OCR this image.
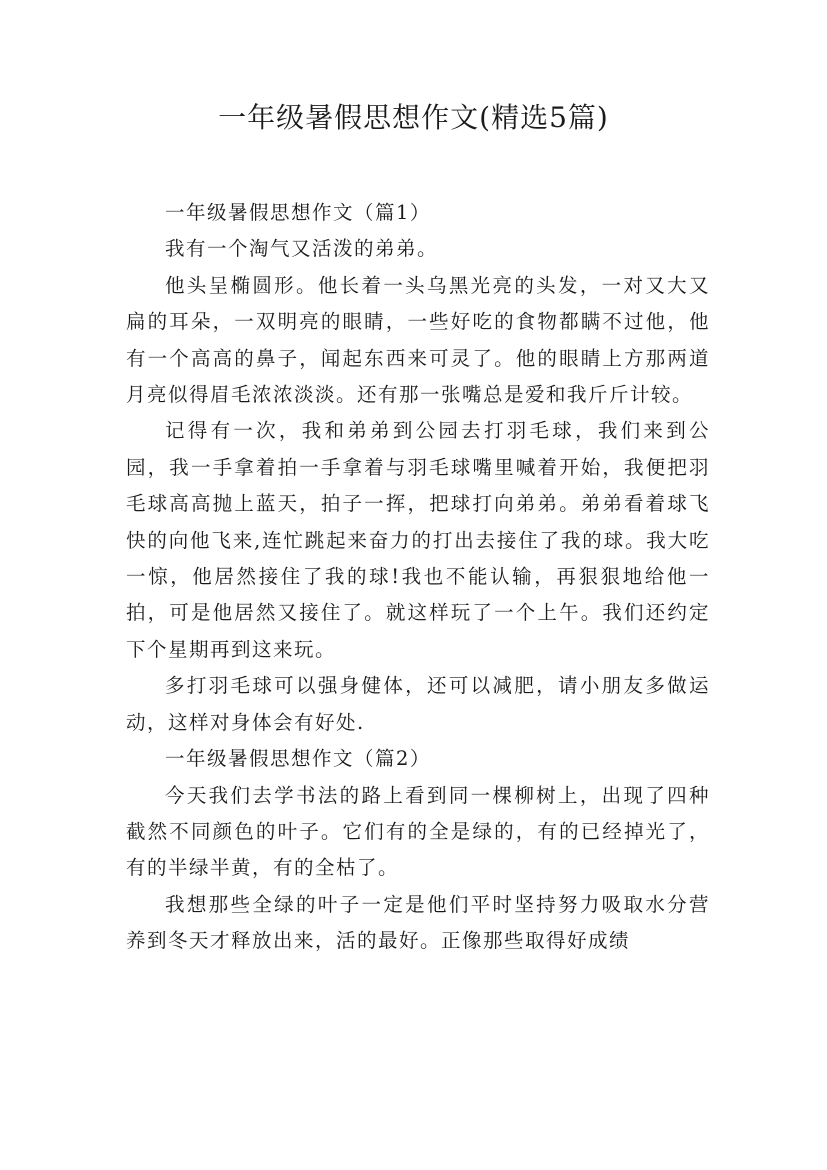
一年级暑假思想作文(精选5篇)

一年级暑假思想作文（篇1）

我有一个淘气又活泼的弟弟。

他头呈椭圆形。他长着一头乌黑光亮的头发，一对又大又扁的耳朵，一双明亮的眼睛，一些好吃的食物都瞒不过他，他有一个高高的鼻子，闻起东西来可灵了。他的眼睛上方那两道月亮似得眉毛浓浓淡淡。还有那一张嘴总是爱和我斤斤计较。

记得有一次，我和弟弟到公园去打羽毛球，我们来到公园，我一手拿着拍一手拿着与羽毛球嘴里喊着开始，我便把羽毛球高高抛上蓝天，拍子一挥，把球打向弟弟。弟弟看着球飞快的向他飞来,连忙跳起来奋力的打出去接住了我的球。我大吃一惊，他居然接住了我的球!我也不能认输，再狠狠地给他一拍，可是他居然又接住了。就这样玩了一个上午。我们还约定下个星期再到这来玩。

多打羽毛球可以强身健体，还可以减肥，请小朋友多做运动，这样对身体会有好处.

一年级暑假思想作文（篇2）

今天我们去学书法的路上看到同一棵柳树上，出现了四种截然不同颜色的叶子。它们有的全是绿的，有的已经掉光了，有的半绿半黄，有的全枯了。

我想那些全绿的叶子一定是他们平时坚持努力吸取水分营养到冬天才释放出来，活的最好。正像那些取得好成绩
